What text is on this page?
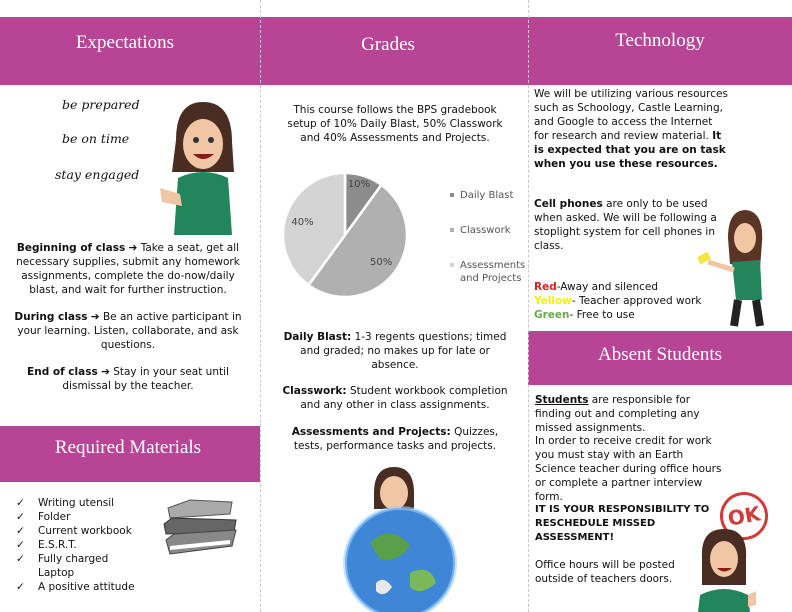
Expectations	Grades	Technology
Required Materials
Absent Students
be prepared
be on time
stay engaged
Beginning of class ➔ Take a seat, get all necessary supplies, submit any homework assignments, complete the do-now/daily blast, and wait for further instruction.
During class ➔ Be an active participant in your learning. Listen, collaborate, and ask questions.
End of class ➔ Stay in your seat until dismissal by the teacher.
✓	Writing utensil
✓	Folder
✓	Current workbook
✓	E.S.R.T.
✓	Fully charged Laptop
✓	A positive attitude
This course follows the BPS gradebook setup of 10% Daily Blast, 50% Classwork and 40% Assessments and Projects.
10%
50%
40%
Daily Blast
Classwork
Assessments and Projects
Daily Blast: 1-3 regents questions; timed and graded; no makes up for late or absence.
Classwork: Student workbook completion and any other in class assignments.
Assessments and Projects: Quizzes, tests, performance tasks and projects.
We will be utilizing various resources such as Schoology, Castle Learning, and Google to access the Internet for research and review material. It is expected that you are on task when you use these resources.
Cell phones are only to be used when asked. We will be following a stoplight system for cell phones in class.
Red-Away and silenced
Yellow- Teacher approved work
Green- Free to use
Students are responsible for finding out and completing any missed assignments.
In order to receive credit for work you must stay with an Earth Science teacher during office hours or complete a partner interview form.
IT IS YOUR RESPONSIBILITY TO RESCHEDULE MISSED ASSESSMENT!
Office hours will be posted outside of teachers doors.
OK
